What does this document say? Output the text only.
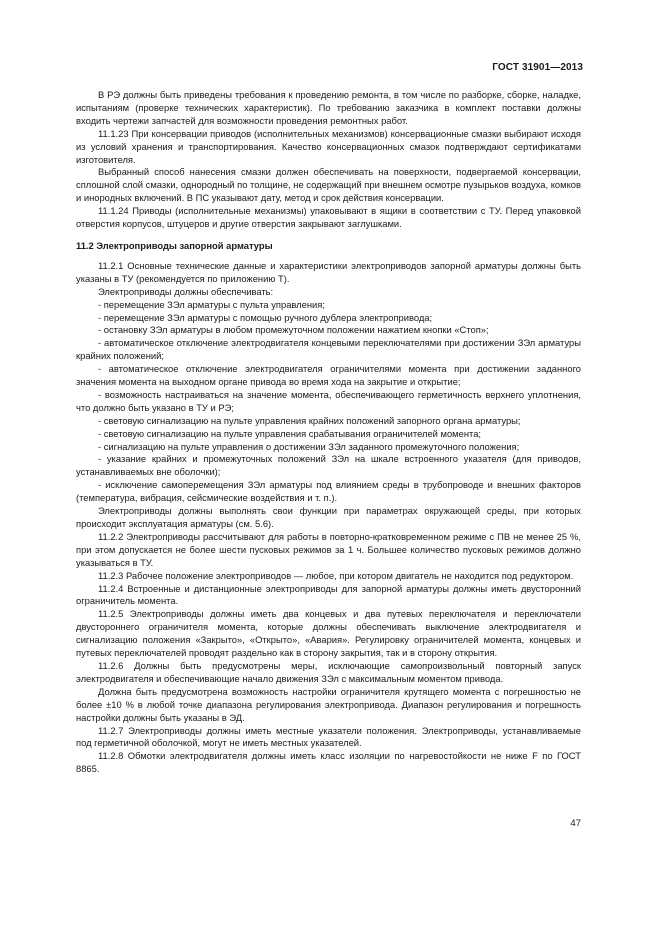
ГОСТ 31901—2013

В РЭ должны быть приведены требования к проведению ремонта, в том числе по разборке, сборке, наладке, испытаниям (проверке технических характеристик). По требованию заказчика в комплект поставки должны входить чертежи запчастей для возможности проведения ремонтных работ.

11.1.23 При консервации приводов (исполнительных механизмов) консервационные смазки выбирают исходя из условий хранения и транспортирования. Качество консервационных смазок подтверждают сертификатами изготовителя.

Выбранный способ нанесения смазки должен обеспечивать на поверхности, подвергаемой консервации, сплошной слой смазки, однородный по толщине, не содержащий при внешнем осмотре пузырьков воздуха, комков и инородных включений. В ПС указывают дату, метод и срок действия консервации.

11.1.24 Приводы (исполнительные механизмы) упаковывают в ящики в соответствии с ТУ. Перед упаковкой отверстия корпусов, штуцеров и другие отверстия закрывают заглушками.

11.2 Электроприводы запорной арматуры

11.2.1 Основные технические данные и характеристики электроприводов запорной арматуры должны быть указаны в ТУ (рекомендуется по приложению Т).

Электроприводы должны обеспечивать:

- перемещение ЗЭл арматуры с пульта управления;

- перемещение ЗЭл арматуры с помощью ручного дублера электропривода;

- остановку ЗЭл арматуры в любом промежуточном положении нажатием кнопки «Стоп»;

- автоматическое отключение электродвигателя концевыми переключателями при достижении ЗЭл арматуры крайних положений;

- автоматическое отключение электродвигателя ограничителями момента при достижении заданного значения момента на выходном органе привода во время хода на закрытие и открытие;

- возможность настраиваться на значение момента, обеспечивающего герметичность верхнего уплотнения, что должно быть указано в ТУ и РЭ;

- световую сигнализацию на пульте управления крайних положений запорного органа арматуры;

- световую сигнализацию на пульте управления срабатывания ограничителей момента;

- сигнализацию на пульте управления о достижении ЗЭл заданного промежуточного положения;

- указание крайних и промежуточных положений ЗЭл на шкале встроенного указателя (для приводов, устанавливаемых вне оболочки);

- исключение самоперемещения ЗЭл арматуры под влиянием среды в трубопроводе и внешних факторов (температура, вибрация, сейсмические воздействия и т. п.).

Электроприводы должны выполнять свои функции при параметрах окружающей среды, при которых происходит эксплуатация арматуры (см. 5.6).

11.2.2 Электроприводы рассчитывают для работы в повторно-кратковременном режиме с ПВ не менее 25 %, при этом допускается не более шести пусковых режимов за 1 ч. Большее количество пусковых режимов должно указываться в ТУ.

11.2.3 Рабочее положение электроприводов — любое, при котором двигатель не находится под редуктором.

11.2.4 Встроенные и дистанционные электроприводы для запорной арматуры должны иметь двусторонний ограничитель момента.

11.2.5 Электроприводы должны иметь два концевых и два путевых переключателя и переключатели двустороннего ограничителя момента, которые должны обеспечивать выключение электродвигателя и сигнализацию положения «Закрыто», «Открыто», «Авария». Регулировку ограничителей момента, концевых и путевых переключателей проводят раздельно как в сторону закрытия, так и в сторону открытия.

11.2.6 Должны быть предусмотрены меры, исключающие самопроизвольный повторный запуск электродвигателя и обеспечивающие начало движения ЗЭл с максимальным моментом привода.

Должна быть предусмотрена возможность настройки ограничителя крутящего момента с погрешностью не более ±10 % в любой точке диапазона регулирования электропривода. Диапазон регулирования и погрешность настройки должны быть указаны в ЭД.

11.2.7 Электроприводы должны иметь местные указатели положения. Электроприводы, устанавливаемые под герметичной оболочкой, могут не иметь местных указателей.

11.2.8 Обмотки электродвигателя должны иметь класс изоляции по нагревостойкости не ниже F по ГОСТ 8865.

47
